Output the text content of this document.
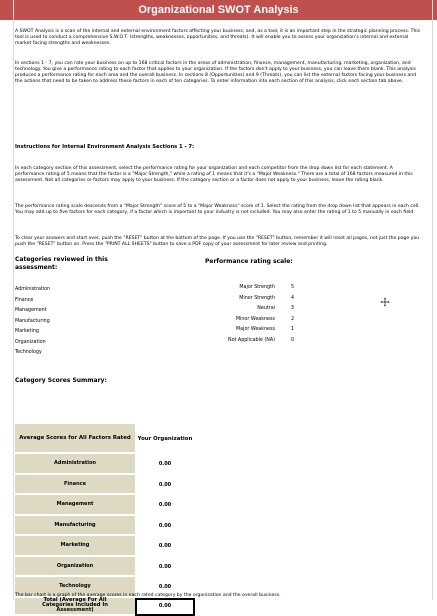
Organizational SWOT Analysis

A SWOT Analysis is a scan of the internal and external environment factors affecting your business; and, as a tool, it is an important step in the strategic planning process. This tool is used to conduct a comprehensive S.W.O.T. (strengths, weaknesses, opportunities, and threats). It will enable you to assess your organization's internal and external market facing strengths and weaknesses.

In sections 1 - 7, you can rate your business on up to 168 critical factors in the areas of administration, finance, management, manufacturing, marketing, organization, and technology. You give a performance rating to each factor that applies to your organization. If the factors don't apply to your business, you can leave them blank. This analysis produces a performance rating for each area and the overall business. In sections 8 (Opportunities) and 9 (Threats), you can list the external factors facing your business and the actions that need to be taken to address these factors in each of ten categories. To enter information into each section of this analysis, click each section tab above.

Instructions for Internal Environment Analysis Sections 1 - 7:

In each category section of this assessment, select the performance rating for your organization and each competitor from the drop down list for each statement. A performance rating of 5 means that the factor is a "Major Strength," while a rating of 1 means that it's a "Major Weakness." There are a total of 168 factors measured in this assessment. Not all categories or factors may apply to your business. If the category section or a factor does not apply to your business, leave the rating blank.

The performance rating scale descends from a "Major Strength" score of 5 to a "Major Weakness" score of 1. Select the rating from the drop down list that appears in each cell. You may add up to five factors for each category, if a factor which is important to your industry is not included. You may also enter the rating of 1 to 5 manually in each field.

To clear your answers and start over, push the "RESET" button at the bottom of the page. If you use the "RESET" button, remember it will reset all pages, not just the page you push the "RESET" button on. Press the "PRINT ALL SHEETS" button to save a PDF copy of your assessment for later review and printing.

Categories reviewed in this assessment:
Administration
Finance
Management
Manufacturing
Marketing
Organization
Technology
Performance rating scale:
Major Strength	5
Minor Strength	4
Neutral	3
Minor Weakness	2
Major Weakness	1
Not Applicable (NA)	0
Category Scores Summary:
Average Scores for All Factors Rated	Your Organization
Administration	0.00
Finance	0.00
Management	0.00
Manufacturing	0.00
Marketing	0.00
Organization	0.00
Technology	0.00
Total (Average For All
Categories Included In
Assessment)
0.00
The bar chart is a graph of the average scores in each rated category by the organization and the overall business.
